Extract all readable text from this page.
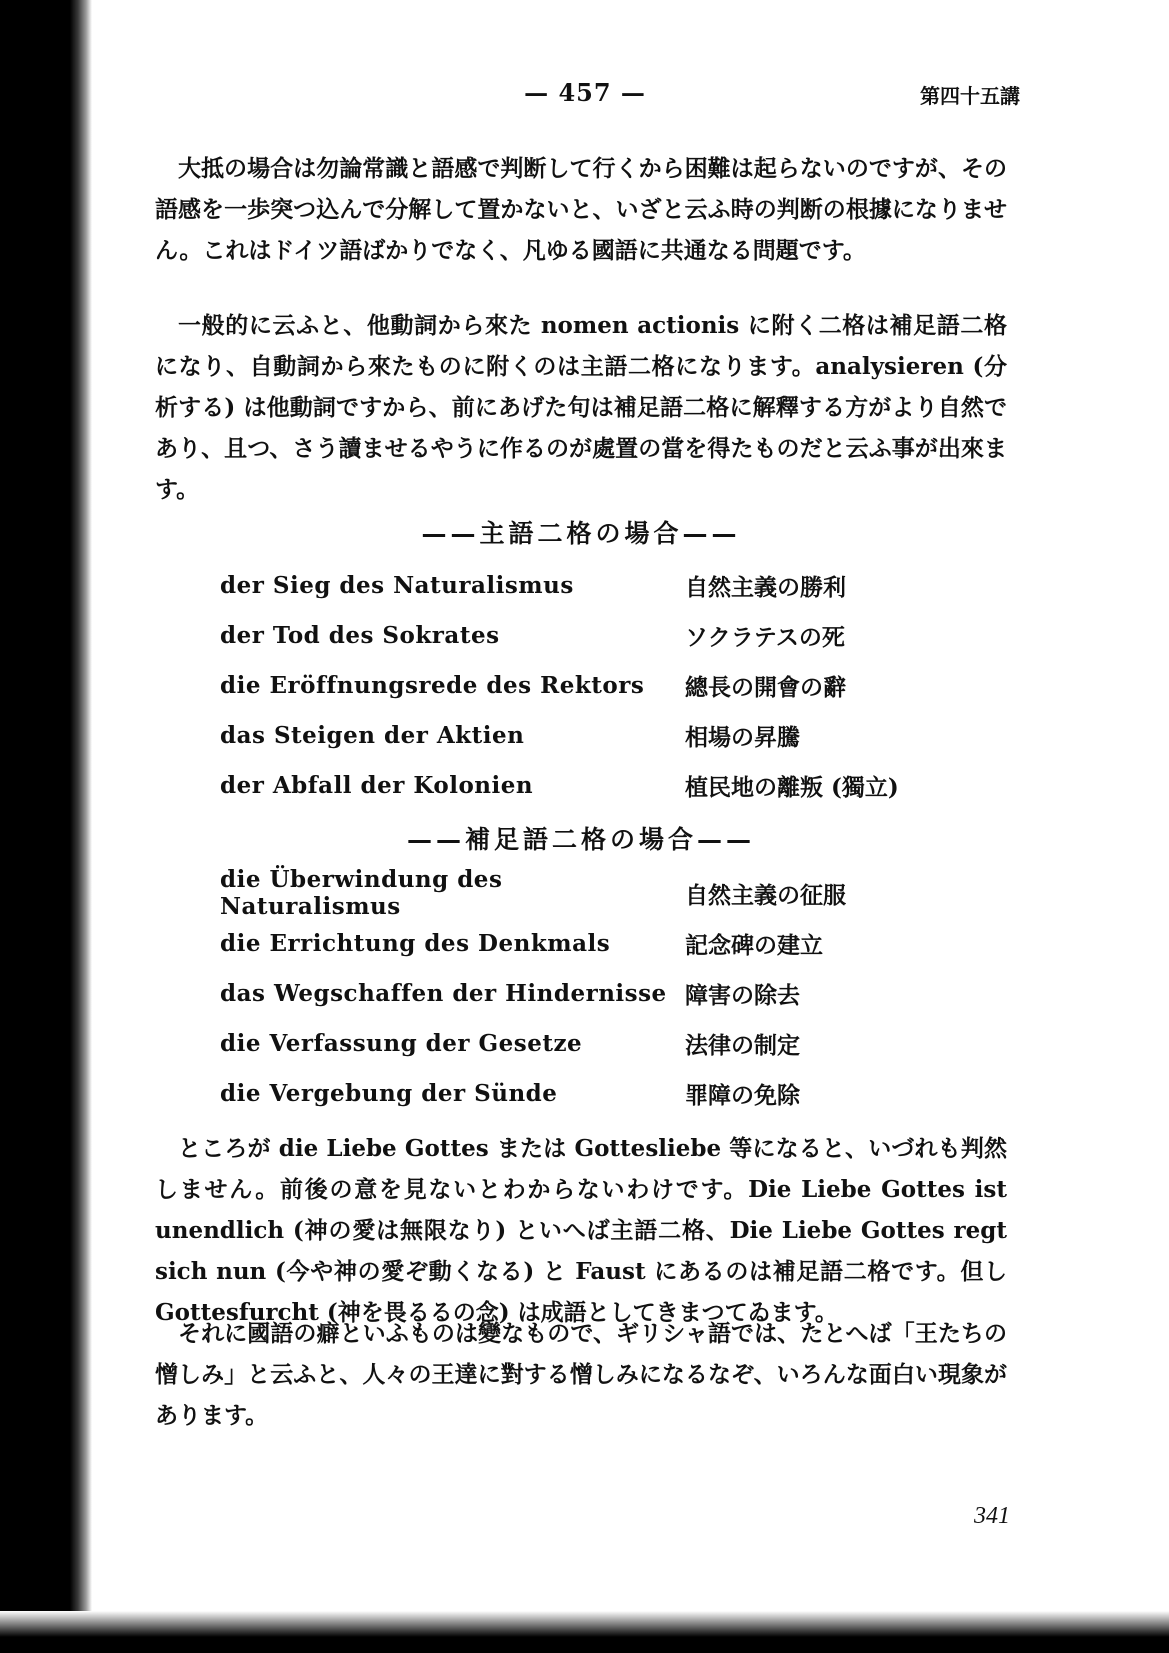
— 457 —	第四十五講

大抵の場合は勿論常識と語感で判断して行くから困難は起らないのですが、その語感を一歩突つ込んで分解して置かないと、いざと云ふ時の判断の根據になりません。これはドイツ語ばかりでなく、凡ゆる國語に共通なる問題です。

一般的に云ふと、他動詞から來た nomen actionis に附く二格は補足語二格になり、自動詞から來たものに附くのは主語二格になります。analysieren (分析する) は他動詞ですから、前にあげた句は補足語二格に解釋する方がより自然であり、且つ、さう讀ませるやうに作るのが處置の當を得たものだと云ふ事が出來ます。

——主語二格の場合——
der Sieg des Naturalismus	自然主義の勝利
der Tod des Sokrates	ソクラテスの死
die Eröffnungsrede des Rektors	總長の開會の辭
das Steigen der Aktien	相場の昇騰
der Abfall der Kolonien	植民地の離叛 (獨立)
——補足語二格の場合——
die Überwindung des Naturalismus	自然主義の征服
die Errichtung des Denkmals	記念碑の建立
das Wegschaffen der Hindernisse 障害の除去
die Verfassung der Gesetze	法律の制定
die Vergebung der Sünde	罪障の免除

ところが die Liebe Gottes または Gottesliebe 等になると、いづれも判然しません。前後の意を見ないとわからないわけです。Die Liebe Gottes ist unendlich (神の愛は無限なり) といへば主語二格、Die Liebe Gottes regt sich nun (今や神の愛ぞ動くなる) と Faust にあるのは補足語二格です。但し Gottesfurcht (神を畏るるの念) は成語としてきまつてゐます。

それに國語の癖といふものは變なもので、ギリシャ語では、たとへば「王たちの憎しみ」と云ふと、人々の王達に對する憎しみになるなぞ、いろんな面白い現象があります。

341
